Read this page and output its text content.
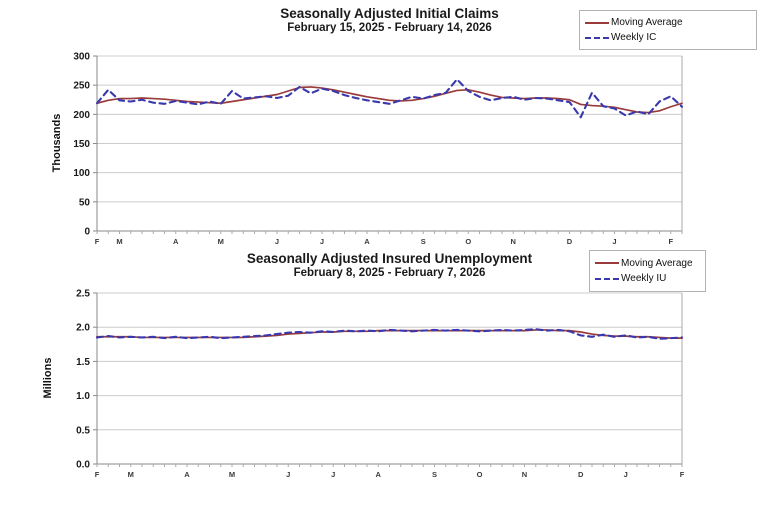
300
250
200
150
100
50
0
F M	A	M	J	J	A	S	O	N	D	J	F
2.5
2.0
1.5
1.0
0.5
0.0
F	M	A	M	J	J	A	S	O	N	D	J	F
Seasonally Adjusted Initial Claims
February 15, 2025 - February 14, 2026
Thousands
Moving Average
Weekly IC
Seasonally Adjusted Insured Unemployment
February 8, 2025 - February 7, 2026
Millions
Moving Average
Weekly IU
